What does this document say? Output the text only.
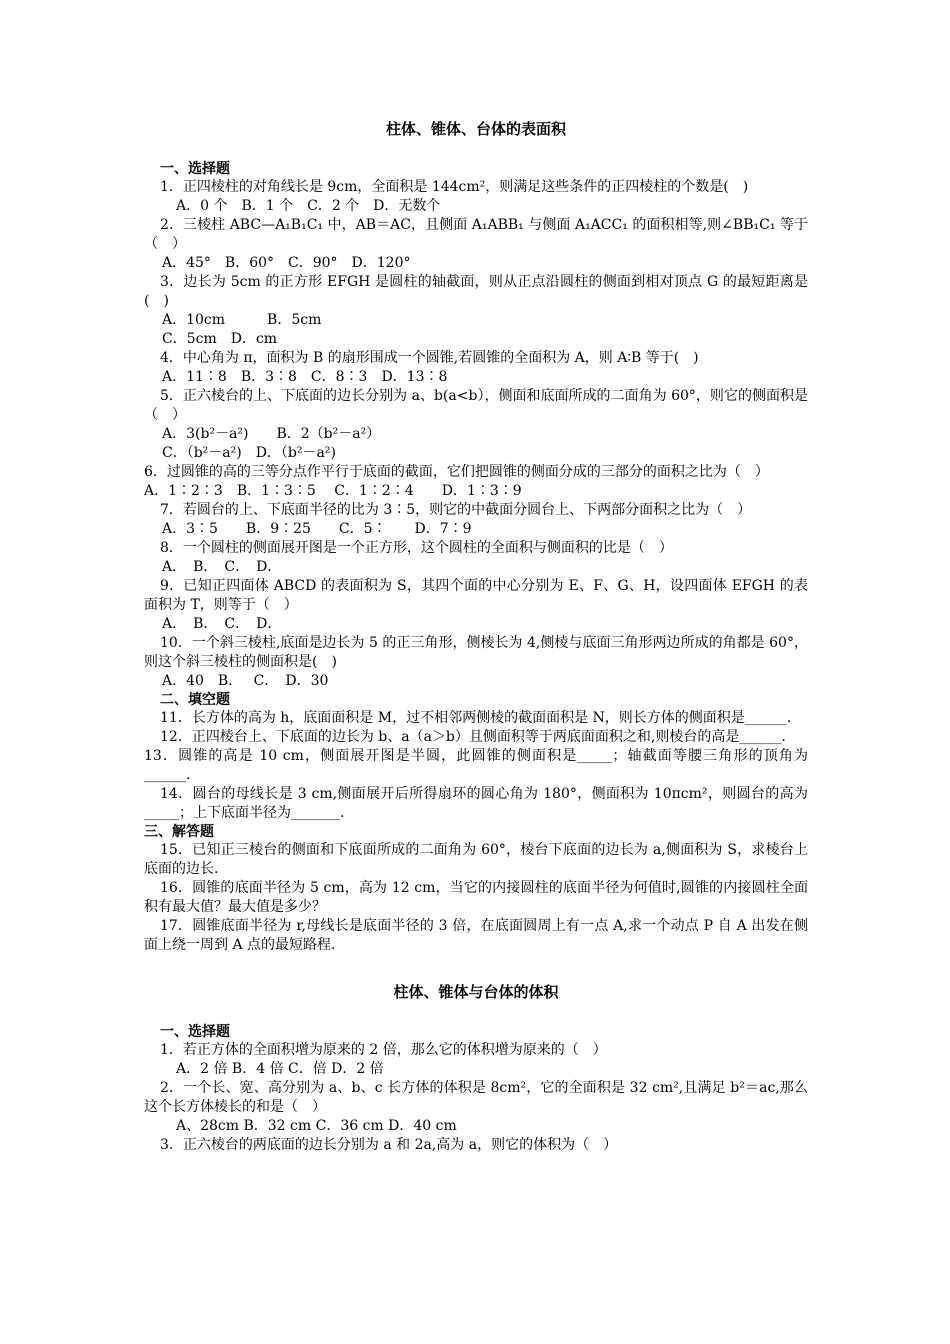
柱体、锥体、台体的表面积
一、选择题
1．正四棱柱的对角线长是 9cm，全面积是 144cm²，则满足这些条件的正四棱柱的个数是(　)
A．0 个　B．1 个　C．2 个　D．无数个
2．三棱柱 ABC—A₁B₁C₁ 中，AB＝AC，且侧面 A₁ABB₁ 与侧面 A₁ACC₁ 的面积相等,则∠BB₁C₁ 等于（　）
A．45°　B．60°　C．90°　D．120°
3．边长为 5cm 的正方形 EFGH 是圆柱的轴截面，则从正点沿圆柱的侧面到相对顶点 G 的最短距离是(　)
A．10cm　　　B．5cm
C．5cm　D．cm
4．中心角为 π，面积为 B 的扇形围成一个圆锥,若圆锥的全面积为 A，则 A∶B 等于(　)
A．11∶8　B．3∶8　C．8∶3　D．13∶8
5．正六棱台的上、下底面的边长分别为 a、b(a<b），侧面和底面所成的二面角为 60°，则它的侧面积是（　）
A．3(b²－a²)　　B．2（b²－a²）
C．（b²－a²)　D．（b²－a²)
6．过圆锥的高的三等分点作平行于底面的截面，它们把圆锥的侧面分成的三部分的面积之比为（　）
A．1∶2∶3　B．1∶3∶5　 C．1∶2∶4　　D．1∶3∶9
7．若圆台的上、下底面半径的比为 3∶5，则它的中截面分圆台上、下两部分面积之比为（　）
A．3∶5　　B．9∶25　　C．5∶　　D．7∶9
8．一个圆柱的侧面展开图是一个正方形，这个圆柱的全面积与侧面积的比是（　）
A．　B．　C．　D．
9．已知正四面体 ABCD 的表面积为 S，其四个面的中心分别为 E、F、G、H，设四面体 EFGH 的表面积为 T，则等于（　）
A．　B．　C．　D．
10．一个斜三棱柱,底面是边长为 5 的正三角形，侧棱长为 4,侧棱与底面三角形两边所成的角都是 60°，则这个斜三棱柱的侧面积是(　)
A．40　B．　 C．　D．30
二、填空题
11．长方体的高为 h，底面面积是 M，过不相邻两侧棱的截面面积是 N，则长方体的侧面积是______.
12．正四棱台上、下底面的边长为 b、a（a＞b）且侧面积等于两底面面积之和,则棱台的高是______.
13．圆锥的高是 10 cm，侧面展开图是半圆，此圆锥的侧面积是_____；轴截面等腰三角形的顶角为______.
14．圆台的母线长是 3 cm,侧面展开后所得扇环的圆心角为 180°，侧面积为 10πcm²，则圆台的高为_____；上下底面半径为_______.
三、解答题
15．已知正三棱台的侧面和下底面所成的二面角为 60°，棱台下底面的边长为 a,侧面积为 S，求棱台上底面的边长.
16．圆锥的底面半径为 5 cm，高为 12 cm，当它的内接圆柱的底面半径为何值时,圆锥的内接圆柱全面积有最大值？最大值是多少？
17．圆锥底面半径为 r,母线长是底面半径的 3 倍，在底面圆周上有一点 A,求一个动点 P 自 A 出发在侧面上绕一周到 A 点的最短路程.
柱体、锥体与台体的体积
一、选择题
1．若正方体的全面积增为原来的 2 倍，那么它的体积增为原来的（　）
A．2 倍 B．4 倍 C．倍 D．2 倍
2．一个长、宽、高分别为 a、b、c 长方体的体积是 8cm²，它的全面积是 32 cm²,且满足 b²＝ac,那么这个长方体棱长的和是（　）
A、28cm B．32 cm C．36 cm D．40 cm
3．正六棱台的两底面的边长分别为 a 和 2a,高为 a，则它的体积为（　）
